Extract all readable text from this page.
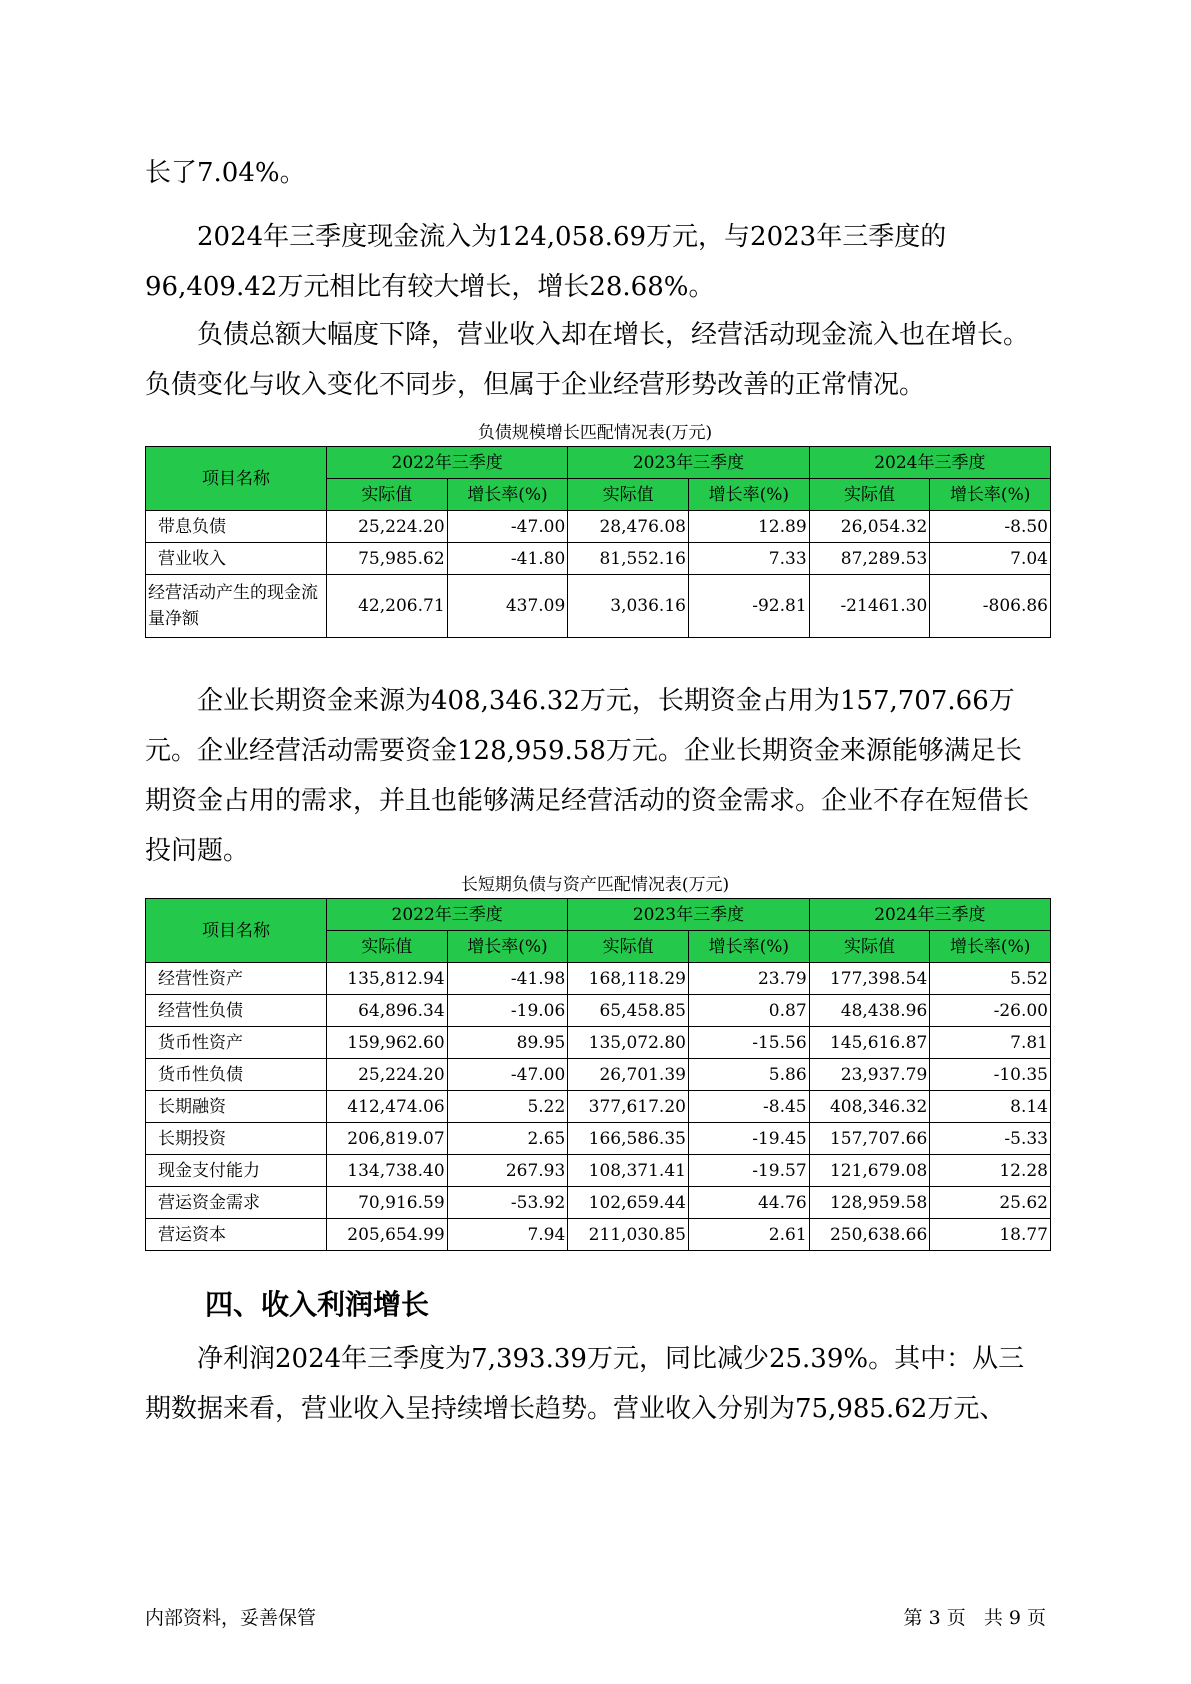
长了7.04%。

2024年三季度现金流入为124,058.69万元，与2023年三季度的96,409.42万元相比有较大增长，增长28.68%。

负债总额大幅度下降，营业收入却在增长，经营活动现金流入也在增长。负债变化与收入变化不同步，但属于企业经营形势改善的正常情况。

负债规模增长匹配情况表(万元)
项目名称	2022年三季度		2023年三季度		2024年三季度	
	实际值	增长率(%)	实际值	增长率(%)	实际值	增长率(%)
带息负债	25,224.20	-47.00	28,476.08	12.89	26,054.32	-8.50
营业收入	75,985.62	-41.80	81,552.16	7.33	87,289.53	7.04
经营活动产生的现金流量净额	42,206.71	437.09	3,036.16	-92.81	-21461.30	-806.86

企业长期资金来源为408,346.32万元，长期资金占用为157,707.66万元。企业经营活动需要资金128,959.58万元。企业长期资金来源能够满足长期资金占用的需求，并且也能够满足经营活动的资金需求。企业不存在短借长投问题。

长短期负债与资产匹配情况表(万元)
项目名称	2022年三季度		2023年三季度		2024年三季度	
	实际值	增长率(%)	实际值	增长率(%)	实际值	增长率(%)
经营性资产	135,812.94	-41.98	168,118.29	23.79	177,398.54	5.52
经营性负债	64,896.34	-19.06	65,458.85	0.87	48,438.96	-26.00
货币性资产	159,962.60	89.95	135,072.80	-15.56	145,616.87	7.81
货币性负债	25,224.20	-47.00	26,701.39	5.86	23,937.79	-10.35
长期融资	412,474.06	5.22	377,617.20	-8.45	408,346.32	8.14
长期投资	206,819.07	2.65	166,586.35	-19.45	157,707.66	-5.33
现金支付能力	134,738.40	267.93	108,371.41	-19.57	121,679.08	12.28
营运资金需求	70,916.59	-53.92	102,659.44	44.76	128,959.58	25.62
营运资本	205,654.99	7.94	211,030.85	2.61	250,638.66	18.77
四、收入利润增长

净利润2024年三季度为7,393.39万元，同比减少25.39%。其中：从三期数据来看，营业收入呈持续增长趋势。营业收入分别为75,985.62万元、

内部资料，妥善保管	第 3 页   共 9 页
